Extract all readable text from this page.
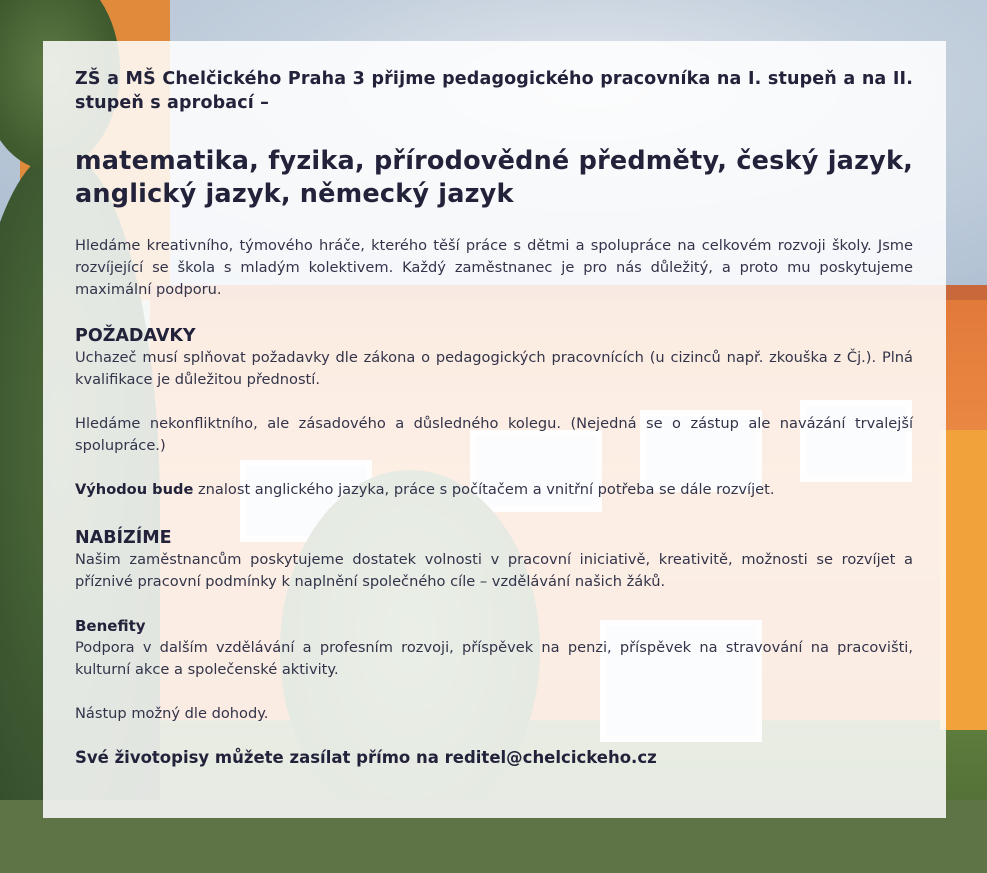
ZŠ a MŠ Chelčického Praha 3 přijme pedagogického pracovníka na I. stupeň a na II. stupeň s aprobací –

matematika, fyzika, přírodovědné předměty, český jazyk, anglický jazyk, německý jazyk

Hledáme kreativního, týmového hráče, kterého těší práce s dětmi a spolupráce na celkovém rozvoji školy. Jsme rozvíjející se škola s mladým kolektivem. Každý zaměstnanec je pro nás důležitý, a proto mu poskytujeme maximální podporu.

POŽADAVKY

Uchazeč musí splňovat požadavky dle zákona o pedagogických pracovnících (u cizinců např. zkouška z Čj.). Plná kvalifikace je důležitou předností.

Hledáme nekonfliktního, ale zásadového a důsledného kolegu. (Nejedná se o zástup ale navázání trvalejší spolupráce.)

Výhodou bude znalost anglického jazyka, práce s počítačem a vnitřní potřeba se dále rozvíjet.

NABÍZÍME

Našim zaměstnancům poskytujeme dostatek volnosti v pracovní iniciativě, kreativitě, možnosti se rozvíjet a příznivé pracovní podmínky k naplnění společného cíle – vzdělávání našich žáků.

Benefity

Podpora v dalším vzdělávání a profesním rozvoji, příspěvek na penzi, příspěvek na stravování na pracovišti, kulturní akce a společenské aktivity.

Nástup možný dle dohody.

Své životopisy můžete zasílat přímo na reditel@chelcickeho.cz
